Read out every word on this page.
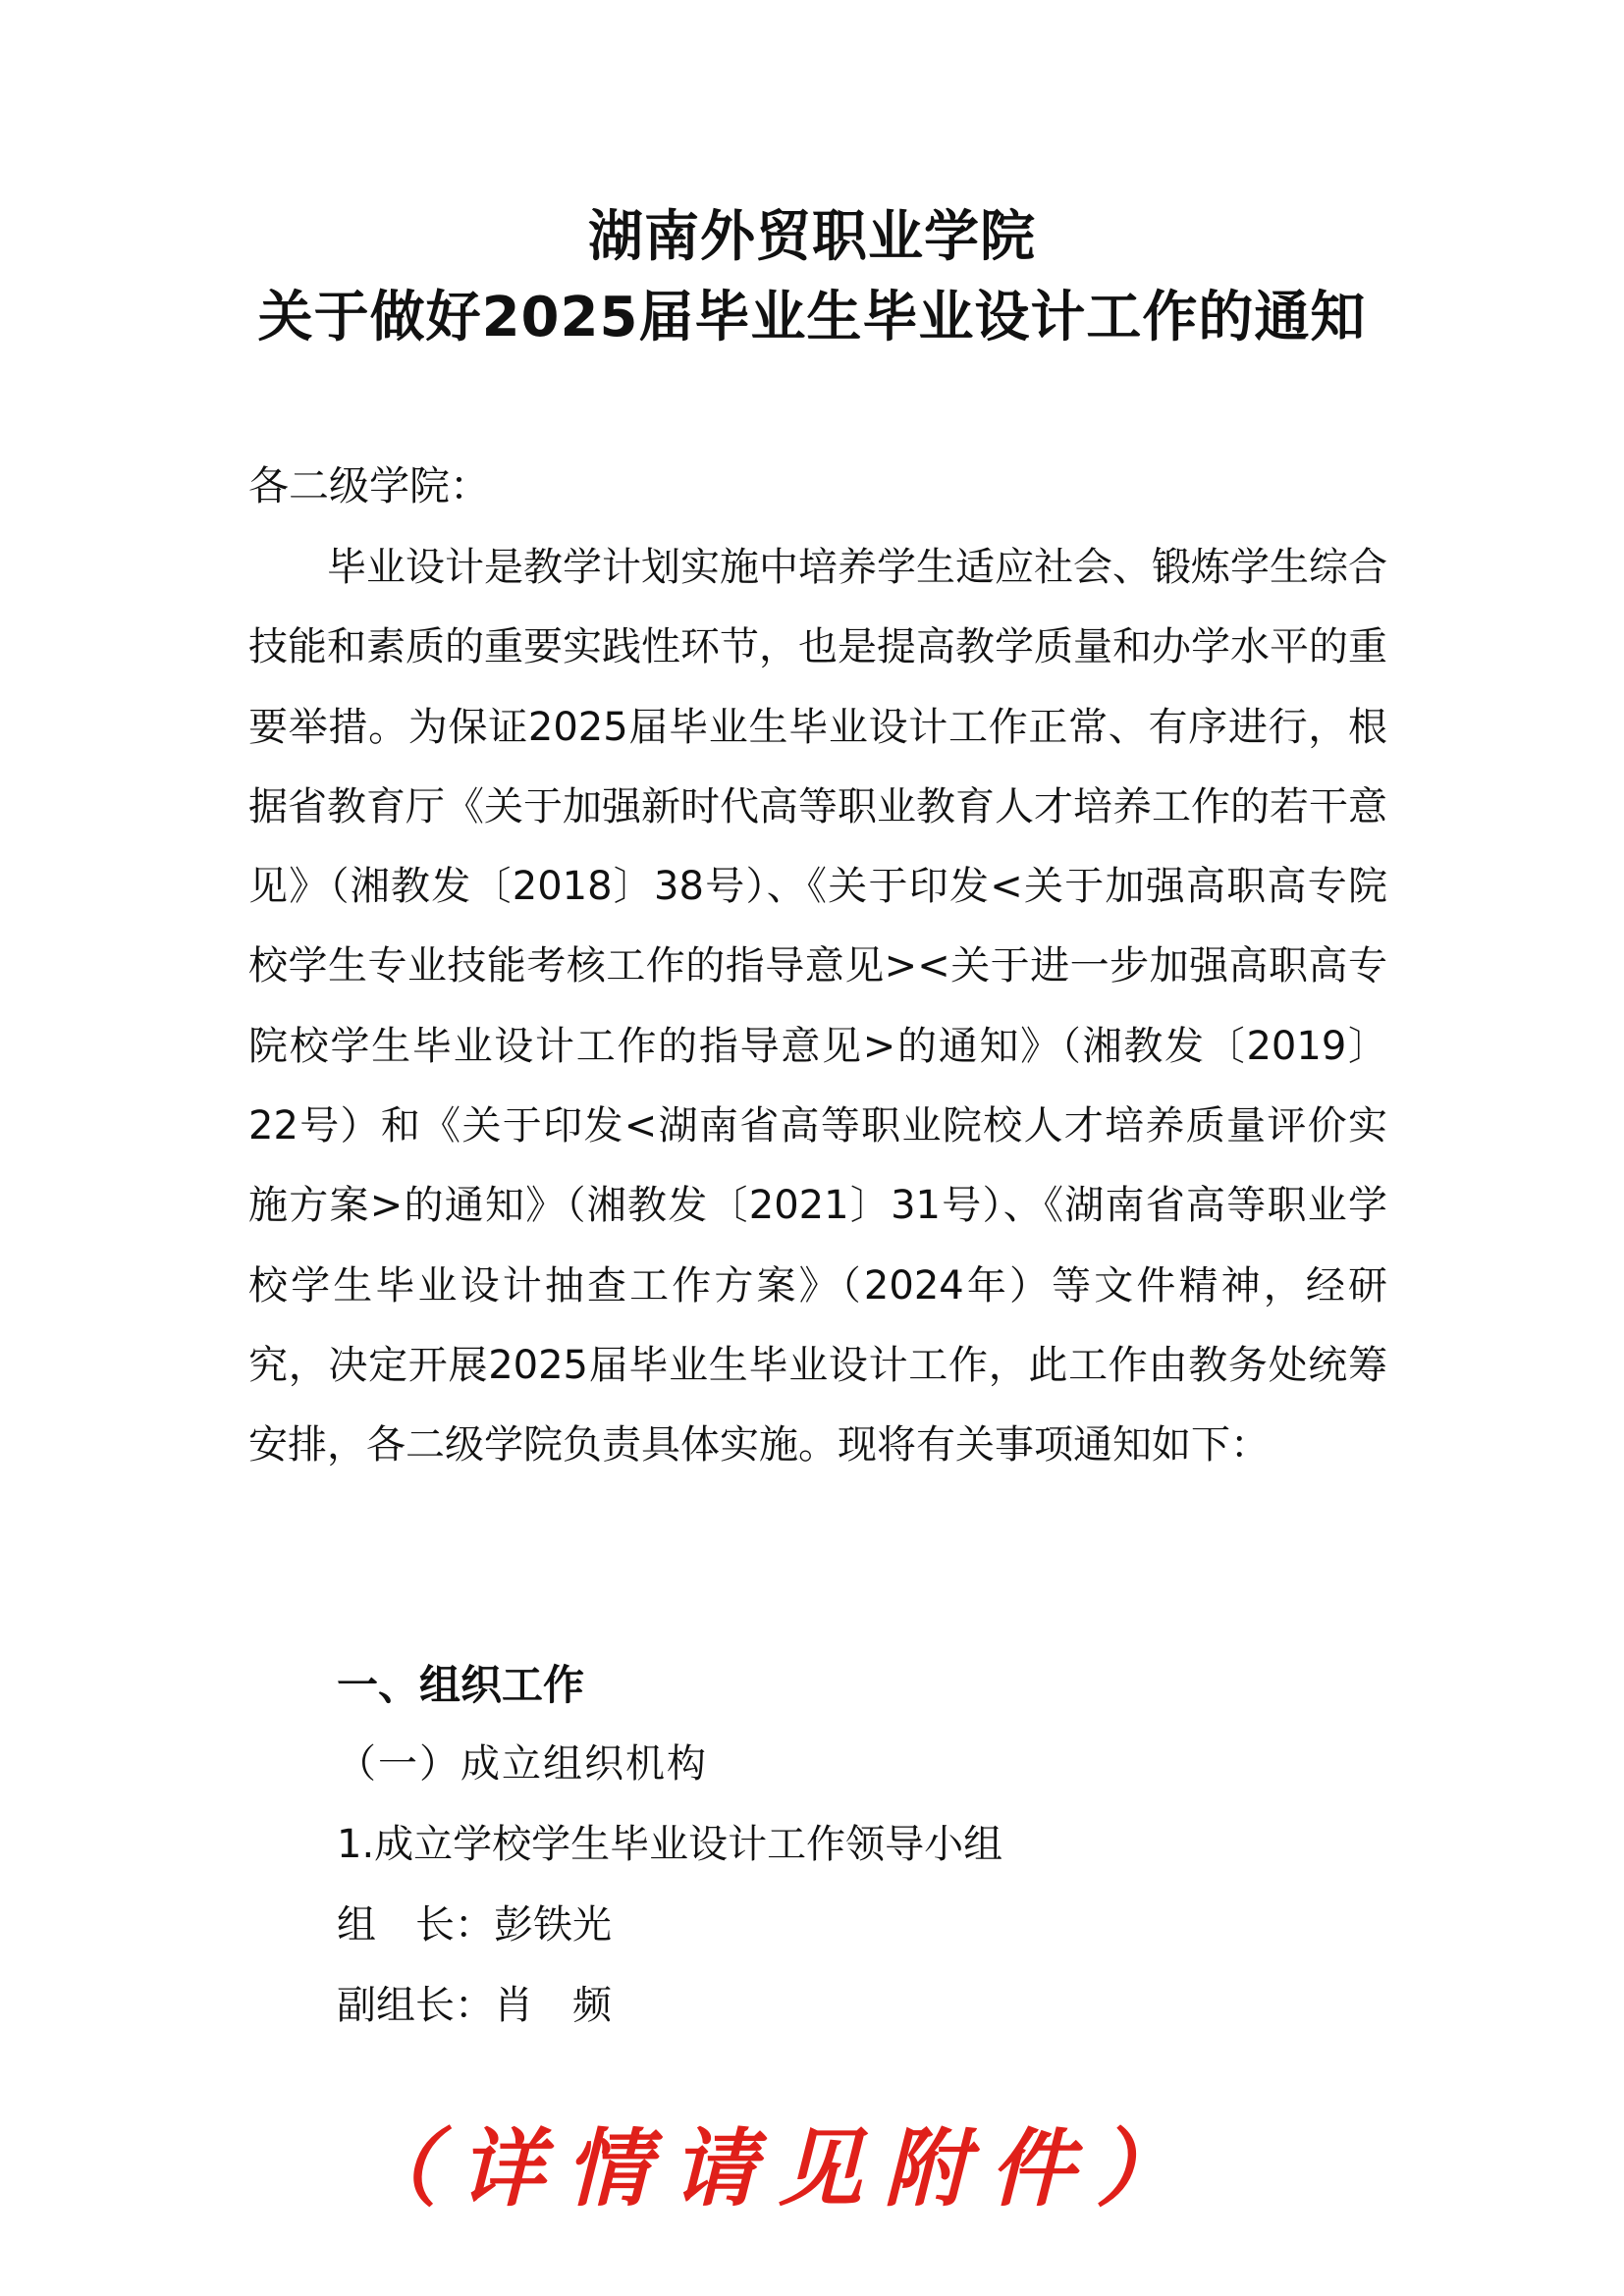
湖南外贸职业学院
关于做好2025届毕业生毕业设计工作的通知
各二级学院：

毕业设计是教学计划实施中培养学生适应社会、锻炼学生综合技能和素质的重要实践性环节，也是提高教学质量和办学水平的重要举措。为保证2025届毕业生毕业设计工作正常、有序进行，根据省教育厅《关于加强新时代高等职业教育人才培养工作的若干意见》（湘教发〔2018〕38号）、《关于印发<关于加强高职高专院校学生专业技能考核工作的指导意见><关于进一步加强高职高专院校学生毕业设计工作的指导意见>的通知》（湘教发〔2019〕22号）和《关于印发<湖南省高等职业院校人才培养质量评价实施方案>的通知》（湘教发〔2021〕31号）、《湖南省高等职业学校学生毕业设计抽查工作方案》（2024年）等文件精神，经研究，决定开展2025届毕业生毕业设计工作，此工作由教务处统筹安排，各二级学院负责具体实施。现将有关事项通知如下：

一、组织工作
（一）成立组织机构
1.成立学校学生毕业设计工作领导小组
组　长：彭铁光
副组长：肖 频
（详情请见附件）
